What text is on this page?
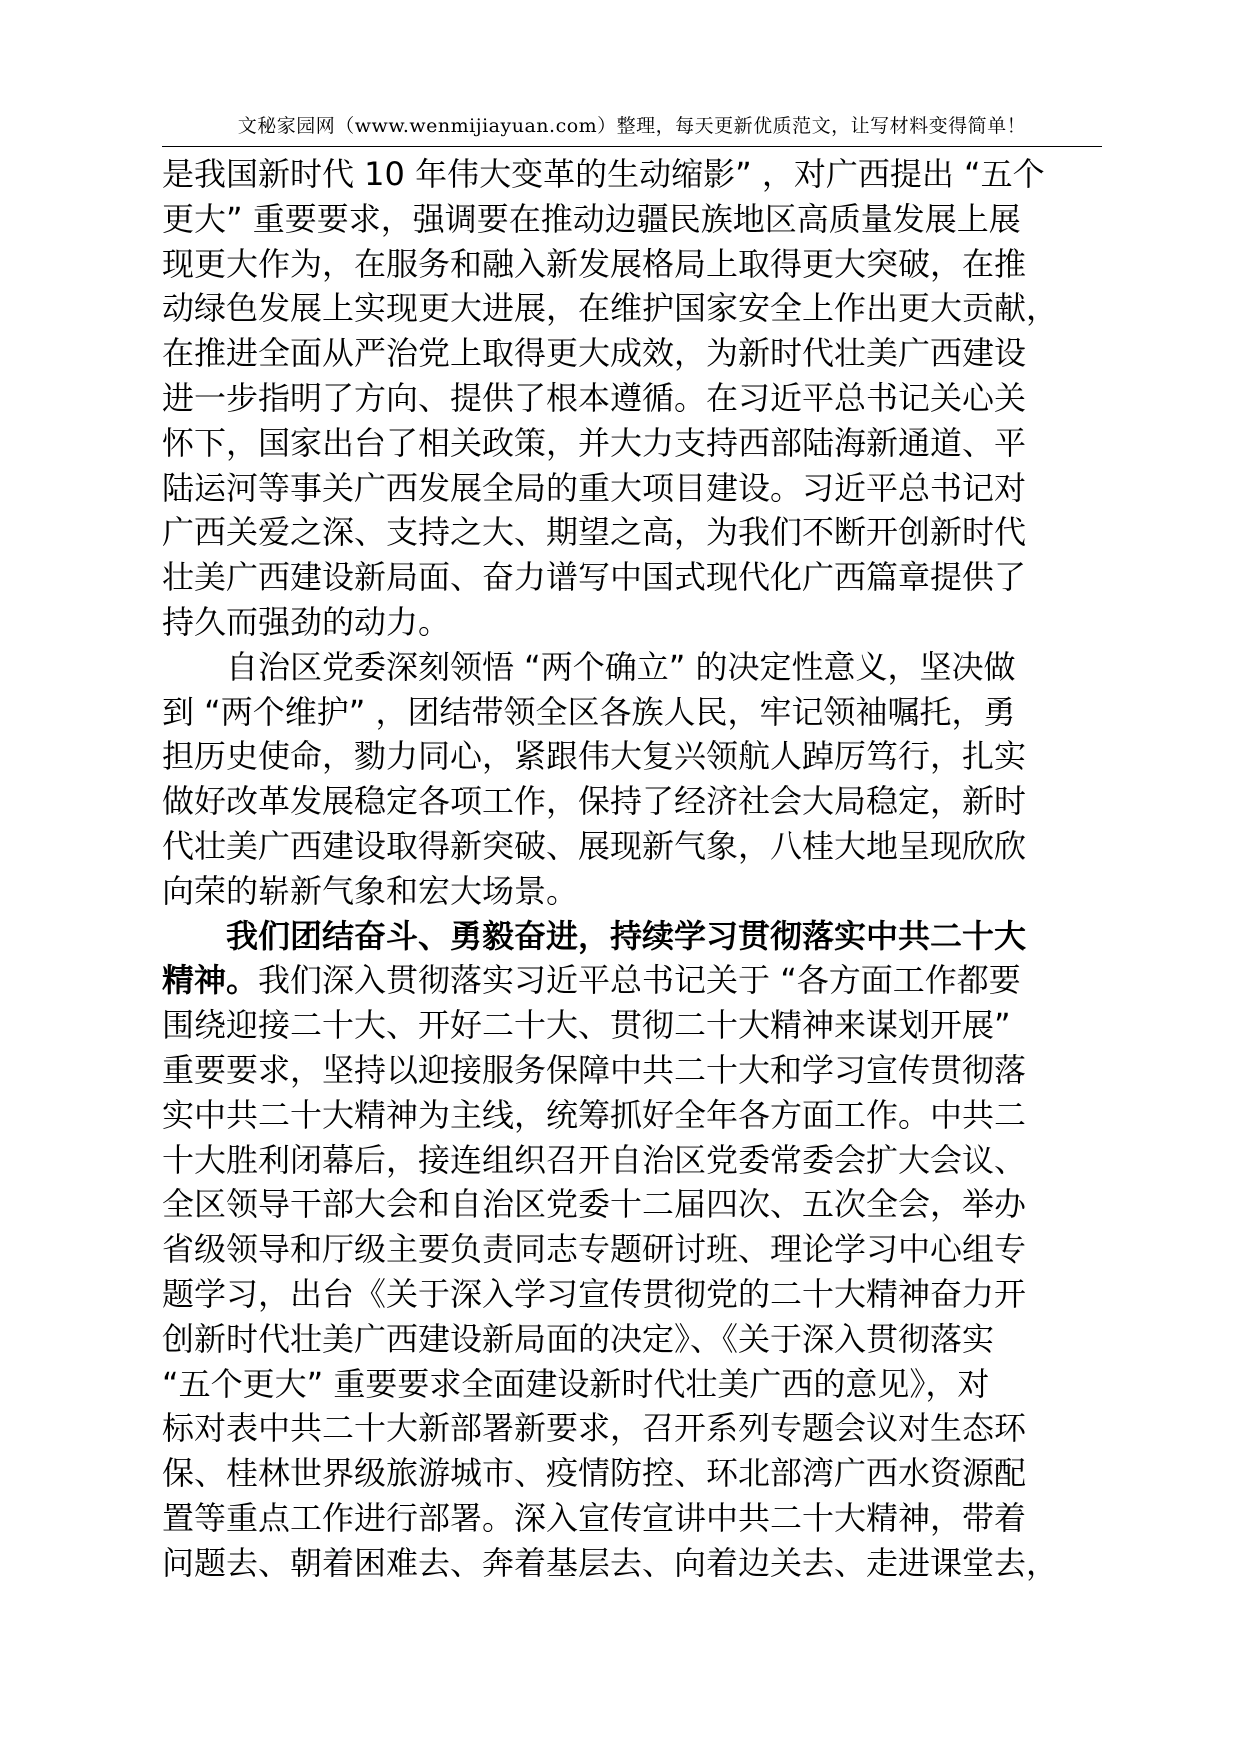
文秘家园网（www.wenmijiayuan.com）整理，每天更新优质范文，让写材料变得简单！
是我国新时代 10 年伟大变革的生动缩影” ，对广西提出 “五个
更大” 重要要求，强调要在推动边疆民族地区高质量发展上展
现更大作为，在服务和融入新发展格局上取得更大突破，在推
动绿色发展上实现更大进展，在维护国家安全上作出更大贡献，
在推进全面从严治党上取得更大成效，为新时代壮美广西建设
进一步指明了方向、提供了根本遵循。在习近平总书记关心关
怀下，国家出台了相关政策，并大力支持西部陆海新通道、平
陆运河等事关广西发展全局的重大项目建设。习近平总书记对
广西关爱之深、支持之大、期望之高，为我们不断开创新时代
壮美广西建设新局面、奋力谱写中国式现代化广西篇章提供了
持久而强劲的动力。
自治区党委深刻领悟 “两个确立” 的决定性意义，坚决做
到 “两个维护” ，团结带领全区各族人民，牢记领袖嘱托，勇
担历史使命，勠力同心，紧跟伟大复兴领航人踔厉笃行，扎实
做好改革发展稳定各项工作，保持了经济社会大局稳定，新时
代壮美广西建设取得新突破、展现新气象，八桂大地呈现欣欣
向荣的崭新气象和宏大场景。
我们团结奋斗、勇毅奋进，持续学习贯彻落实中共二十大
精神。我们深入贯彻落实习近平总书记关于 “各方面工作都要
围绕迎接二十大、开好二十大、贯彻二十大精神来谋划开展”
重要要求，坚持以迎接服务保障中共二十大和学习宣传贯彻落
实中共二十大精神为主线，统筹抓好全年各方面工作。中共二
十大胜利闭幕后，接连组织召开自治区党委常委会扩大会议、
全区领导干部大会和自治区党委十二届四次、五次全会，举办
省级领导和厅级主要负责同志专题研讨班、理论学习中心组专
题学习，出台《关于深入学习宣传贯彻党的二十大精神奋力开
创新时代壮美广西建设新局面的决定》、《关于深入贯彻落实
“五个更大” 重要要求全面建设新时代壮美广西的意见》，对
标对表中共二十大新部署新要求，召开系列专题会议对生态环
保、桂林世界级旅游城市、疫情防控、环北部湾广西水资源配
置等重点工作进行部署。深入宣传宣讲中共二十大精神，带着
问题去、朝着困难去、奔着基层去、向着边关去、走进课堂去，
